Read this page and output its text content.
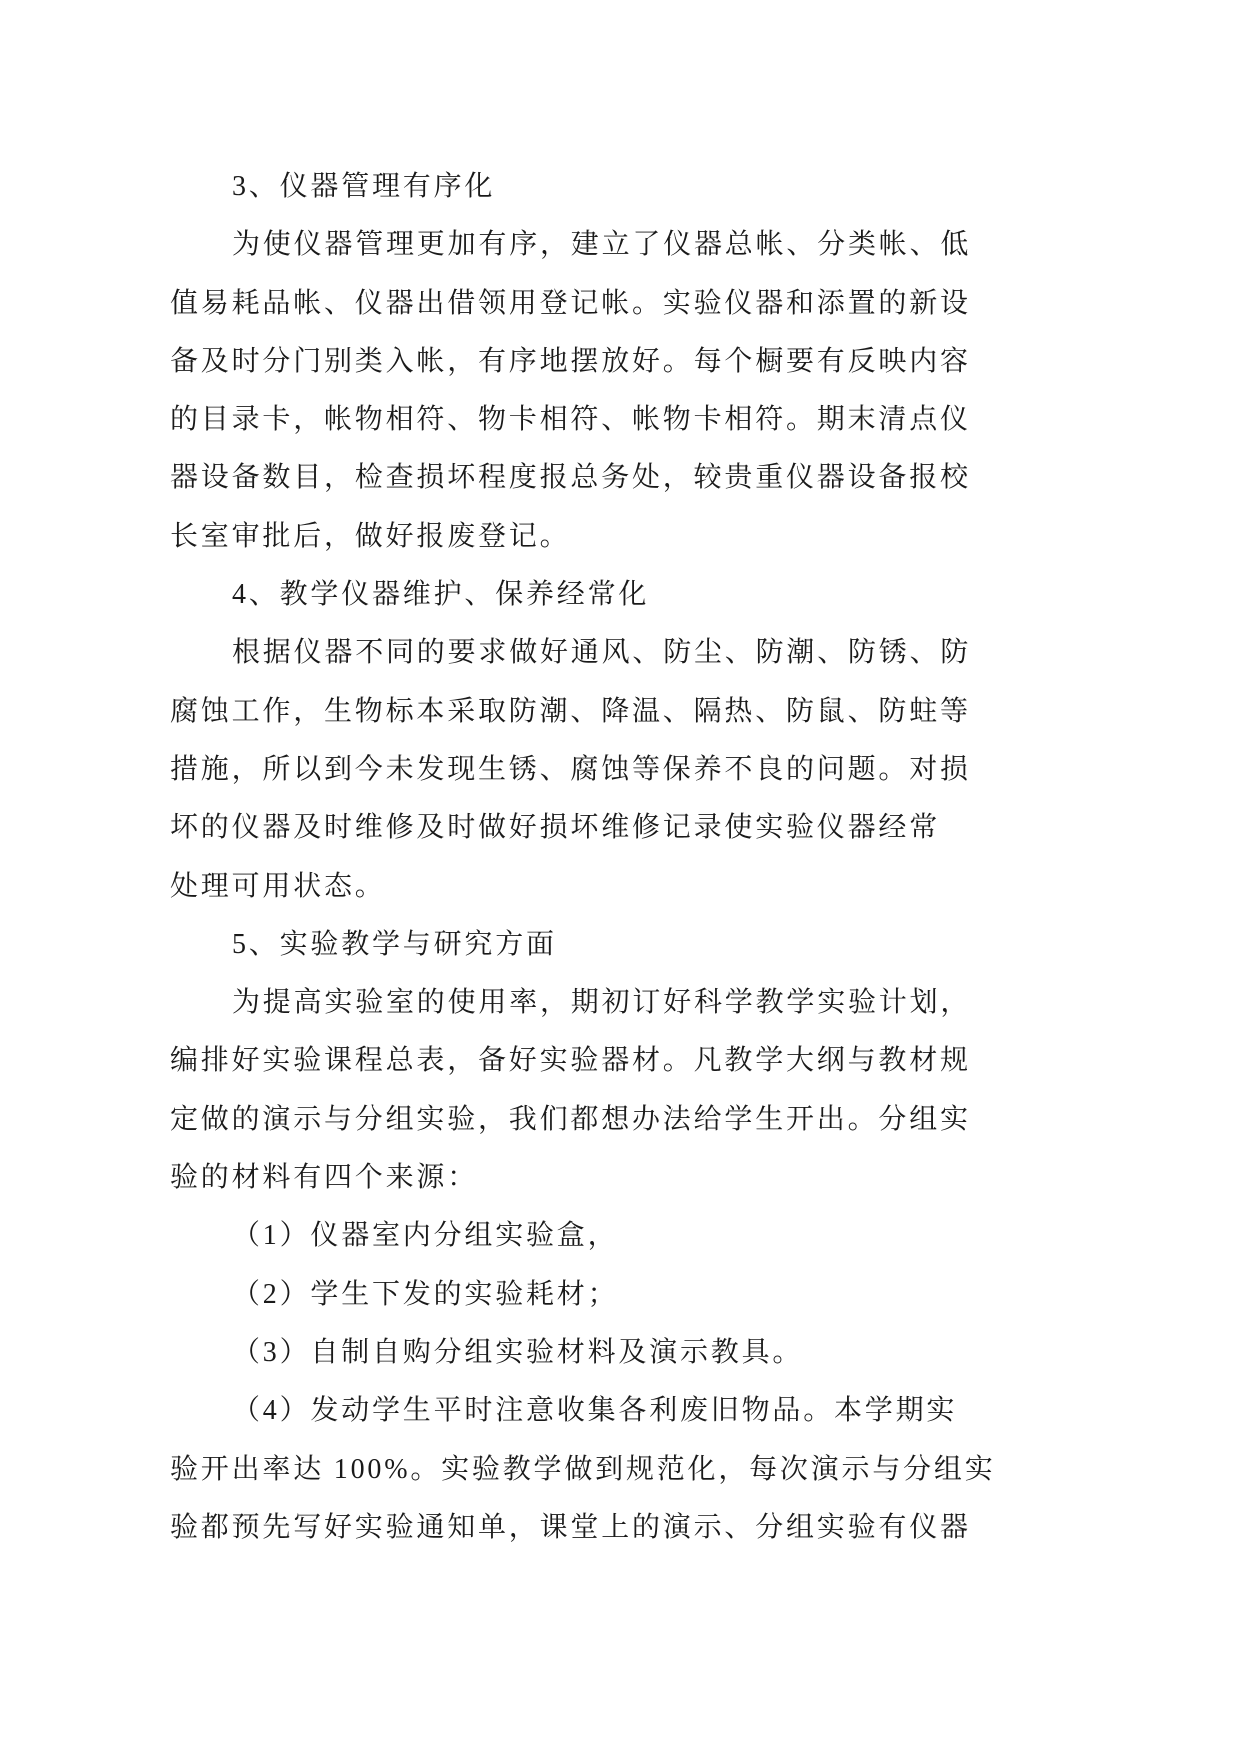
3、仪器管理有序化
为使仪器管理更加有序，建立了仪器总帐、分类帐、低
值易耗品帐、仪器出借领用登记帐。实验仪器和添置的新设
备及时分门别类入帐，有序地摆放好。每个橱要有反映内容
的目录卡，帐物相符、物卡相符、帐物卡相符。期末清点仪
器设备数目，检查损坏程度报总务处，较贵重仪器设备报校
长室审批后，做好报废登记。
4、教学仪器维护、保养经常化
根据仪器不同的要求做好通风、防尘、防潮、防锈、防
腐蚀工作，生物标本采取防潮、降温、隔热、防鼠、防蛀等
措施，所以到今未发现生锈、腐蚀等保养不良的问题。对损
坏的仪器及时维修及时做好损坏维修记录使实验仪器经常
处理可用状态。
5、实验教学与研究方面
为提高实验室的使用率，期初订好科学教学实验计划，
编排好实验课程总表，备好实验器材。凡教学大纲与教材规
定做的演示与分组实验，我们都想办法给学生开出。分组实
验的材料有四个来源：
（1）仪器室内分组实验盒，
（2）学生下发的实验耗材；
（3）自制自购分组实验材料及演示教具。
（4）发动学生平时注意收集各利废旧物品。本学期实
验开出率达 100%。实验教学做到规范化，每次演示与分组实
验都预先写好实验通知单，课堂上的演示、分组实验有仪器
